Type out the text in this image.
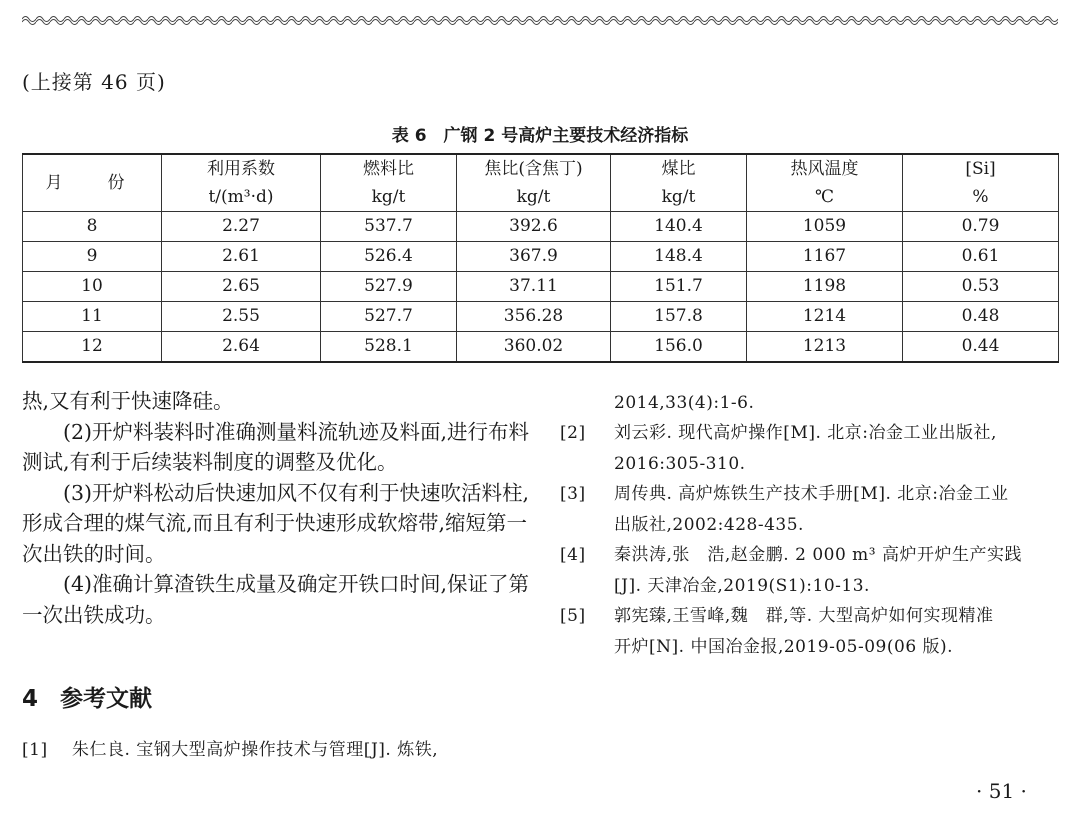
(上接第 46 页)
表 6　广钢 2 号高炉主要技术经济指标
月　份	利用系数	燃料比	焦比(含焦丁)	煤比	热风温度	[Si]
	t/(m³·d)	kg/t	kg/t	kg/t	℃	%
8	2.27	537.7	392.6	140.4	1059	0.79
9	2.61	526.4	367.9	148.4	1167	0.61
10	2.65	527.9	37.11	151.7	1198	0.53
11	2.55	527.7	356.28	157.8	1214	0.48
12	2.64	528.1	360.02	156.0	1213	0.44

热,又有利于快速降硅。

(2)开炉料装料时准确测量料流轨迹及料面,进行布料测试,有利于后续装料制度的调整及优化。

(3)开炉料松动后快速加风不仅有利于快速吹活料柱,形成合理的煤气流,而且有利于快速形成软熔带,缩短第一次出铁的时间。

(4)准确计算渣铁生成量及确定开铁口时间,保证了第一次出铁成功。

4 参考文献
[1] 朱仁良. 宝钢大型高炉操作技术与管理[J]. 炼铁,
2014,33(4):1-6.
[2] 刘云彩. 现代高炉操作[M]. 北京:冶金工业出版社,
2016:305-310.
[3] 周传典. 高炉炼铁生产技术手册[M]. 北京:冶金工业
出版社,2002:428-435.
[4] 秦洪涛,张　浩,赵金鹏. 2 000 m³ 高炉开炉生产实践
[J]. 天津冶金,2019(S1):10-13.
[5] 郭宪臻,王雪峰,魏　群,等. 大型高炉如何实现精准
开炉[N]. 中国冶金报,2019-05-09(06 版).
· 51 ·
